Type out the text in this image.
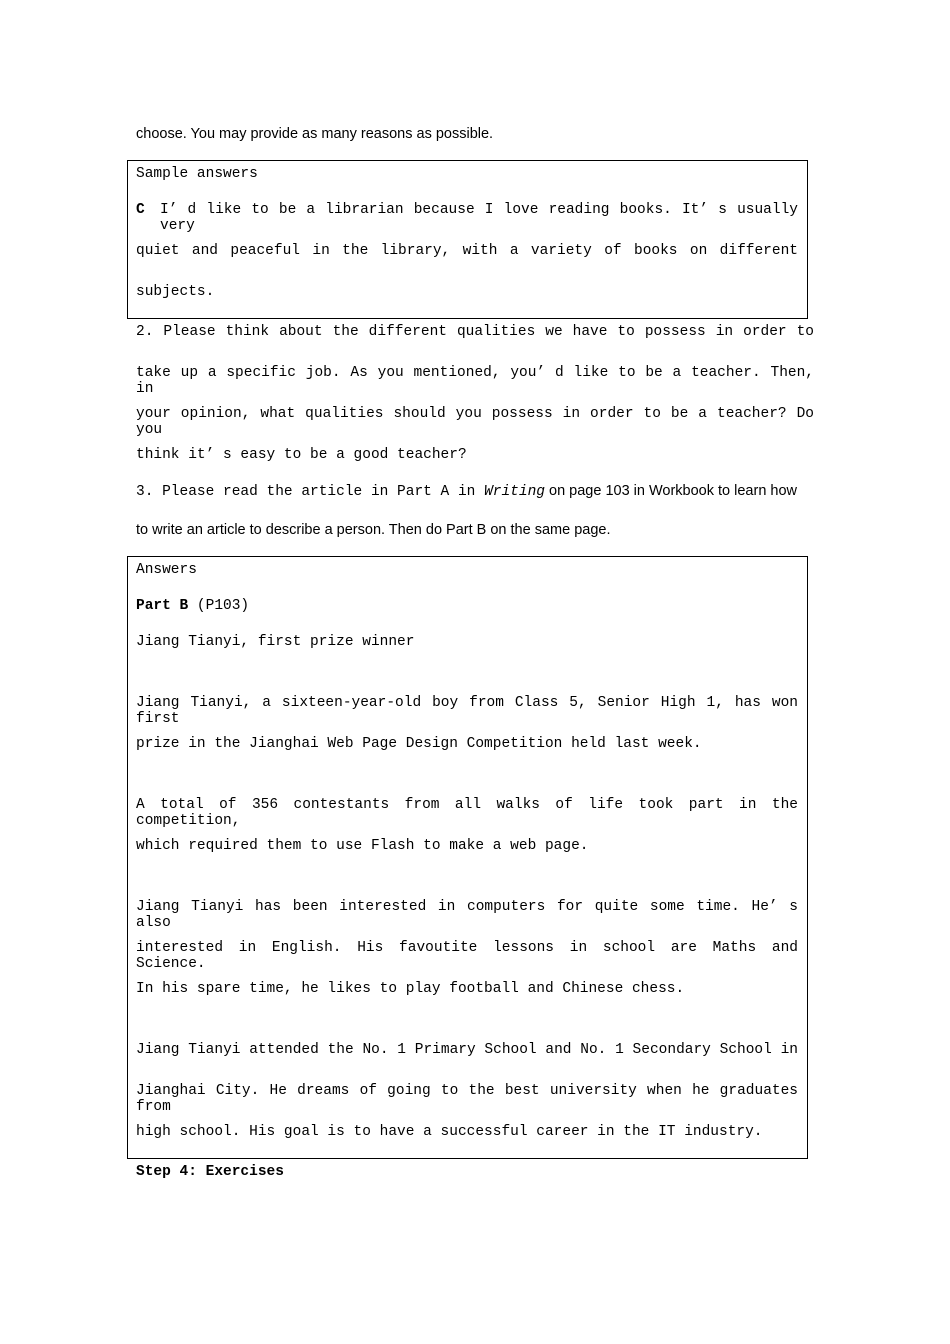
choose. You may provide as many reasons as possible.
Sample answers
C I’ d like to be a librarian because I love reading books. It’ s usually very
quiet and peaceful in the library, with a variety of books on different
subjects.
2. Please think about the different qualities we have to possess in order to
take up a specific job. As you mentioned, you’ d like to be a teacher. Then, in
your opinion, what qualities should you possess in order to be a teacher? Do you
think it’ s easy to be a good teacher?
3. Please read the article in Part A in Writing on page 103 in Workbook to learn how
to write an article to describe a person. Then do Part B on the same page.
Answers
Part B (P103)
Jiang Tianyi, first prize winner
Jiang Tianyi, a sixteen-year-old boy from Class 5, Senior High 1, has won first
prize in the Jianghai Web Page Design Competition held last week.
A total of 356 contestants from all walks of life took part in the competition,
which required them to use Flash to make a web page.
Jiang Tianyi has been interested in computers for quite some time. He’ s also
interested in English. His favoutite lessons in school are Maths and Science.
In his spare time, he likes to play football and Chinese chess.
Jiang Tianyi attended the No. 1 Primary School and No. 1 Secondary School in
Jianghai City. He dreams of going to the best university when he graduates from
high school. His goal is to have a successful career in the IT industry.
Step 4: Exercises
